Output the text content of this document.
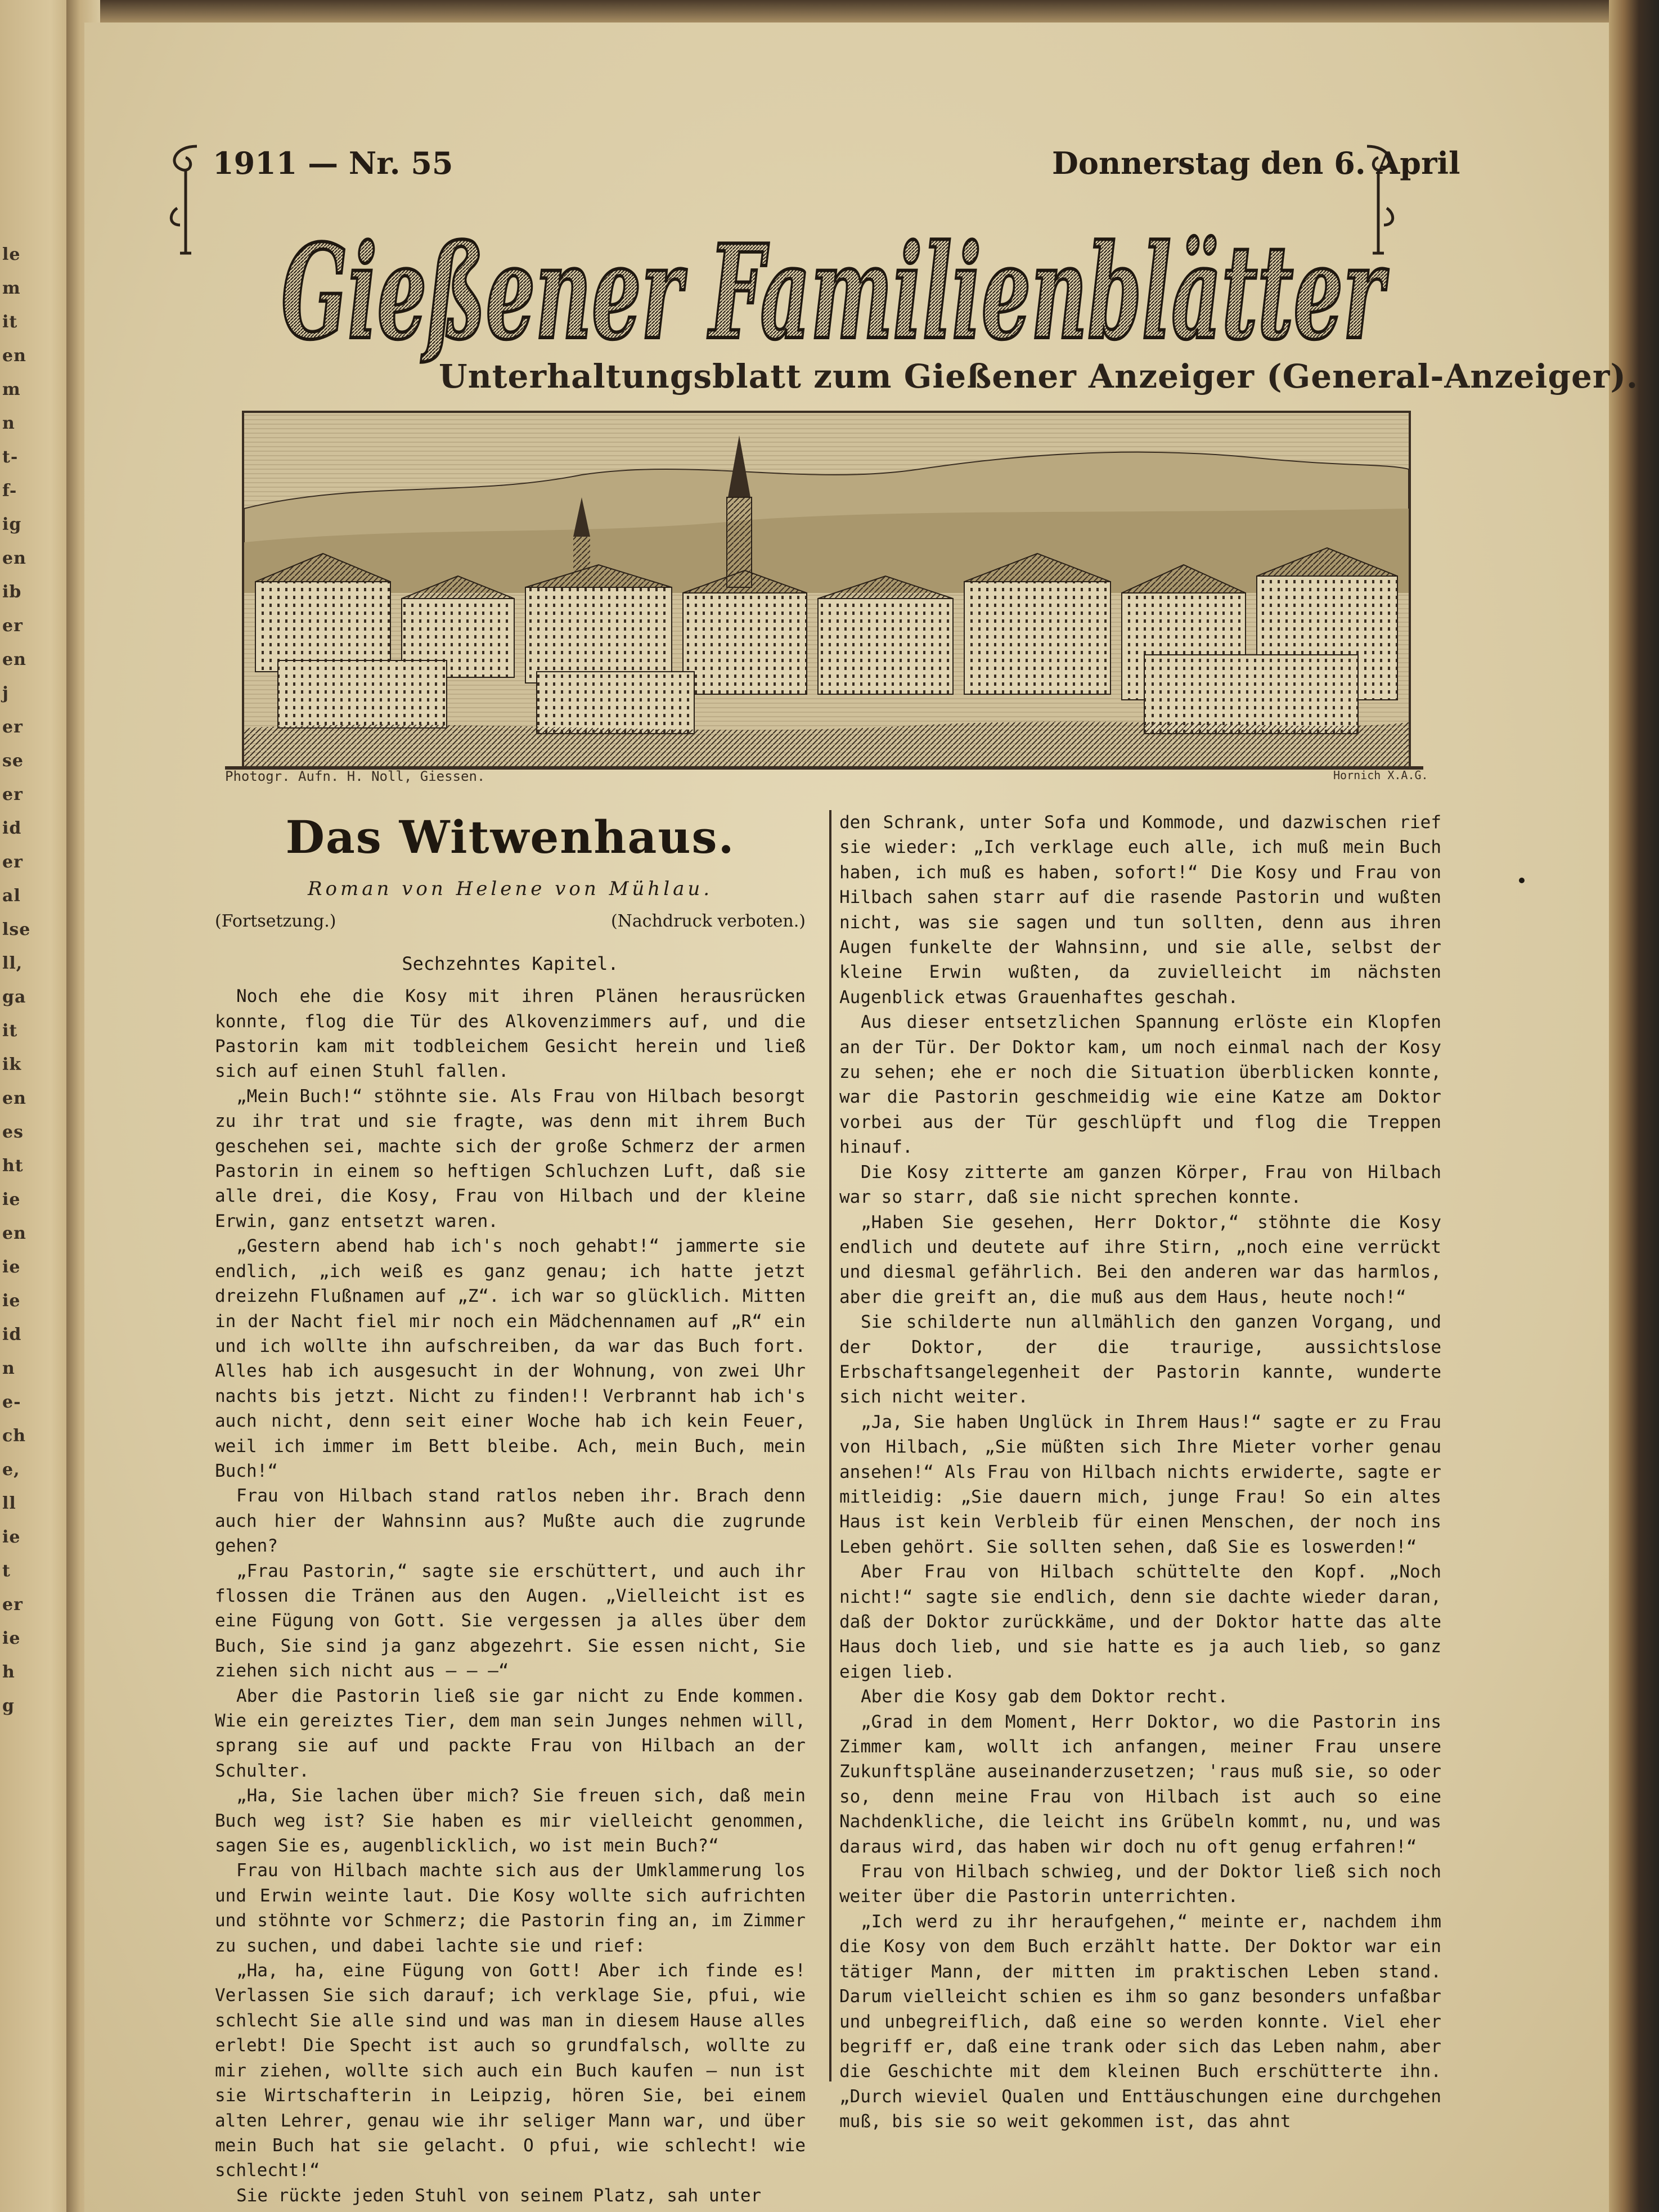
le
m
it
en
m
n
t-
f-
ig
en
ib
er
en
j
er
se
er
id
er
al
lse
ll,
ga
it
ik
en
es
ht
ie
en
ie
ie
id
n
e-
ch
e,
ll
ie
t
er
ie
h
g
1911 — Nr. 55	Donnerstag den 6. April
Gießener Familienblätter
Unterhaltungsblatt zum Gießener Anzeiger (General-Anzeiger).
Photogr. Aufn. H. Noll, Giessen.	Hornich X.A.G.
Das Witwenhaus.
Roman von Helene von Mühlau.
(Fortsetzung.)	(Nachdruck verboten.)
Sechzehntes Kapitel.

Noch ehe die Kosy mit ihren Plänen herausrücken konnte, flog die Tür des Alkovenzimmers auf, und die Pastorin kam mit todbleichem Gesicht herein und ließ sich auf einen Stuhl fallen.

„Mein Buch!“ stöhnte sie. Als Frau von Hilbach besorgt zu ihr trat und sie fragte, was denn mit ihrem Buch geschehen sei, machte sich der große Schmerz der armen Pastorin in einem so heftigen Schluchzen Luft, daß sie alle drei, die Kosy, Frau von Hilbach und der kleine Erwin, ganz entsetzt waren.

„Gestern abend hab ich's noch gehabt!“ jammerte sie endlich, „ich weiß es ganz genau; ich hatte jetzt dreizehn Flußnamen auf „Z“. ich war so glücklich. Mitten in der Nacht fiel mir noch ein Mädchennamen auf „R“ ein und ich wollte ihn aufschreiben, da war das Buch fort. Alles hab ich ausgesucht in der Wohnung, von zwei Uhr nachts bis jetzt. Nicht zu finden!! Verbrannt hab ich's auch nicht, denn seit einer Woche hab ich kein Feuer, weil ich immer im Bett bleibe. Ach, mein Buch, mein Buch!“

Frau von Hilbach stand ratlos neben ihr. Brach denn auch hier der Wahnsinn aus? Mußte auch die zugrunde gehen?

„Frau Pastorin,“ sagte sie erschüttert, und auch ihr flossen die Tränen aus den Augen. „Vielleicht ist es eine Fügung von Gott. Sie vergessen ja alles über dem Buch, Sie sind ja ganz abgezehrt. Sie essen nicht, Sie ziehen sich nicht aus — — —“

Aber die Pastorin ließ sie gar nicht zu Ende kommen. Wie ein gereiztes Tier, dem man sein Junges nehmen will, sprang sie auf und packte Frau von Hilbach an der Schulter.

„Ha, Sie lachen über mich? Sie freuen sich, daß mein Buch weg ist? Sie haben es mir vielleicht genommen, sagen Sie es, augenblicklich, wo ist mein Buch?“

Frau von Hilbach machte sich aus der Umklammerung los und Erwin weinte laut. Die Kosy wollte sich aufrichten und stöhnte vor Schmerz; die Pastorin fing an, im Zimmer zu suchen, und dabei lachte sie und rief:

„Ha, ha, eine Fügung von Gott! Aber ich finde es! Verlassen Sie sich darauf; ich verklage Sie, pfui, wie schlecht Sie alle sind und was man in diesem Hause alles erlebt! Die Specht ist auch so grundfalsch, wollte zu mir ziehen, wollte sich auch ein Buch kaufen — nun ist sie Wirtschafterin in Leipzig, hören Sie, bei einem alten Lehrer, genau wie ihr seliger Mann war, und über mein Buch hat sie gelacht. O pfui, wie schlecht! wie schlecht!“

Sie rückte jeden Stuhl von seinem Platz, sah unter

den Schrank, unter Sofa und Kommode, und dazwischen rief sie wieder: „Ich verklage euch alle, ich muß mein Buch haben, ich muß es haben, sofort!“ Die Kosy und Frau von Hilbach sahen starr auf die rasende Pastorin und wußten nicht, was sie sagen und tun sollten, denn aus ihren Augen funkelte der Wahnsinn, und sie alle, selbst der kleine Erwin wußten, da zuvielleicht im nächsten Augenblick etwas Grauenhaftes geschah.

Aus dieser entsetzlichen Spannung erlöste ein Klopfen an der Tür. Der Doktor kam, um noch einmal nach der Kosy zu sehen; ehe er noch die Situation überblicken konnte, war die Pastorin geschmeidig wie eine Katze am Doktor vorbei aus der Tür geschlüpft und flog die Treppen hinauf.

Die Kosy zitterte am ganzen Körper, Frau von Hilbach war so starr, daß sie nicht sprechen konnte.

„Haben Sie gesehen, Herr Doktor,“ stöhnte die Kosy endlich und deutete auf ihre Stirn, „noch eine verrückt und diesmal gefährlich. Bei den anderen war das harmlos, aber die greift an, die muß aus dem Haus, heute noch!“

Sie schilderte nun allmählich den ganzen Vorgang, und der Doktor, der die traurige, aussichtslose Erbschaftsangelegenheit der Pastorin kannte, wunderte sich nicht weiter.

„Ja, Sie haben Unglück in Ihrem Haus!“ sagte er zu Frau von Hilbach, „Sie müßten sich Ihre Mieter vorher genau ansehen!“ Als Frau von Hilbach nichts erwiderte, sagte er mitleidig: „Sie dauern mich, junge Frau! So ein altes Haus ist kein Verbleib für einen Menschen, der noch ins Leben gehört. Sie sollten sehen, daß Sie es loswerden!“

Aber Frau von Hilbach schüttelte den Kopf. „Noch nicht!“ sagte sie endlich, denn sie dachte wieder daran, daß der Doktor zurückkäme, und der Doktor hatte das alte Haus doch lieb, und sie hatte es ja auch lieb, so ganz eigen lieb.

Aber die Kosy gab dem Doktor recht.

„Grad in dem Moment, Herr Doktor, wo die Pastorin ins Zimmer kam, wollt ich anfangen, meiner Frau unsere Zukunftspläne auseinanderzusetzen; 'raus muß sie, so oder so, denn meine Frau von Hilbach ist auch so eine Nachdenkliche, die leicht ins Grübeln kommt, nu, und was daraus wird, das haben wir doch nu oft genug erfahren!“

Frau von Hilbach schwieg, und der Doktor ließ sich noch weiter über die Pastorin unterrichten.

„Ich werd zu ihr heraufgehen,“ meinte er, nachdem ihm die Kosy von dem Buch erzählt hatte. Der Doktor war ein tätiger Mann, der mitten im praktischen Leben stand. Darum vielleicht schien es ihm so ganz besonders unfaßbar und unbegreiflich, daß eine so werden konnte. Viel eher begriff er, daß eine trank oder sich das Leben nahm, aber die Geschichte mit dem kleinen Buch erschütterte ihn. „Durch wieviel Qualen und Enttäuschungen eine durchgehen muß, bis sie so weit gekommen ist, das ahnt
